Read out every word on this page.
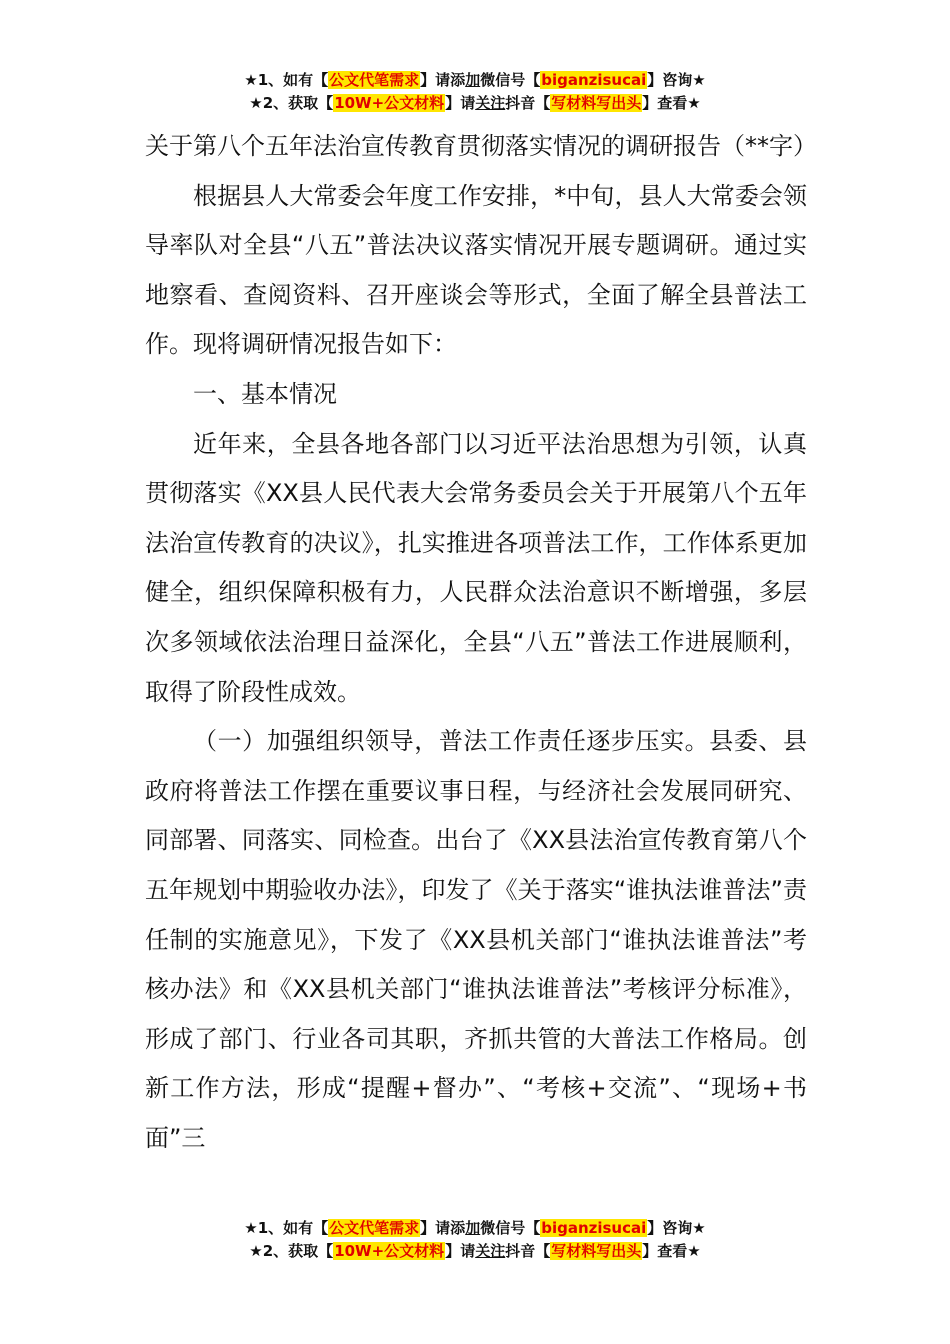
★1、如有【公文代笔需求】请添加微信号【biganzisucai】咨询★
★2、获取【10W+公文材料】请关注抖音【写材料写出头】查看★

关于第八个五年法治宣传教育贯彻落实情况的调研报告（**字）

根据县人大常委会年度工作安排，*中旬，县人大常委会领导率队对全县“八五”普法决议落实情况开展专题调研。通过实地察看、查阅资料、召开座谈会等形式，全面了解全县普法工作。现将调研情况报告如下：

一、基本情况

近年来，全县各地各部门以习近平法治思想为引领，认真贯彻落实《XX县人民代表大会常务委员会关于开展第八个五年法治宣传教育的决议》，扎实推进各项普法工作，工作体系更加健全，组织保障积极有力，人民群众法治意识不断增强，多层次多领域依法治理日益深化，全县“八五”普法工作进展顺利，取得了阶段性成效。

（一）加强组织领导，普法工作责任逐步压实。县委、县政府将普法工作摆在重要议事日程，与经济社会发展同研究、同部署、同落实、同检查。出台了《XX县法治宣传教育第八个五年规划中期验收办法》，印发了《关于落实“谁执法谁普法”责任制的实施意见》，下发了《XX县机关部门“谁执法谁普法”考核办法》和《XX县机关部门“谁执法谁普法”考核评分标准》，形成了部门、行业各司其职，齐抓共管的大普法工作格局。创新工作方法，形成“提醒+督办”、“考核+交流”、“现场+书面”三

★1、如有【公文代笔需求】请添加微信号【biganzisucai】咨询★
★2、获取【10W+公文材料】请关注抖音【写材料写出头】查看★
